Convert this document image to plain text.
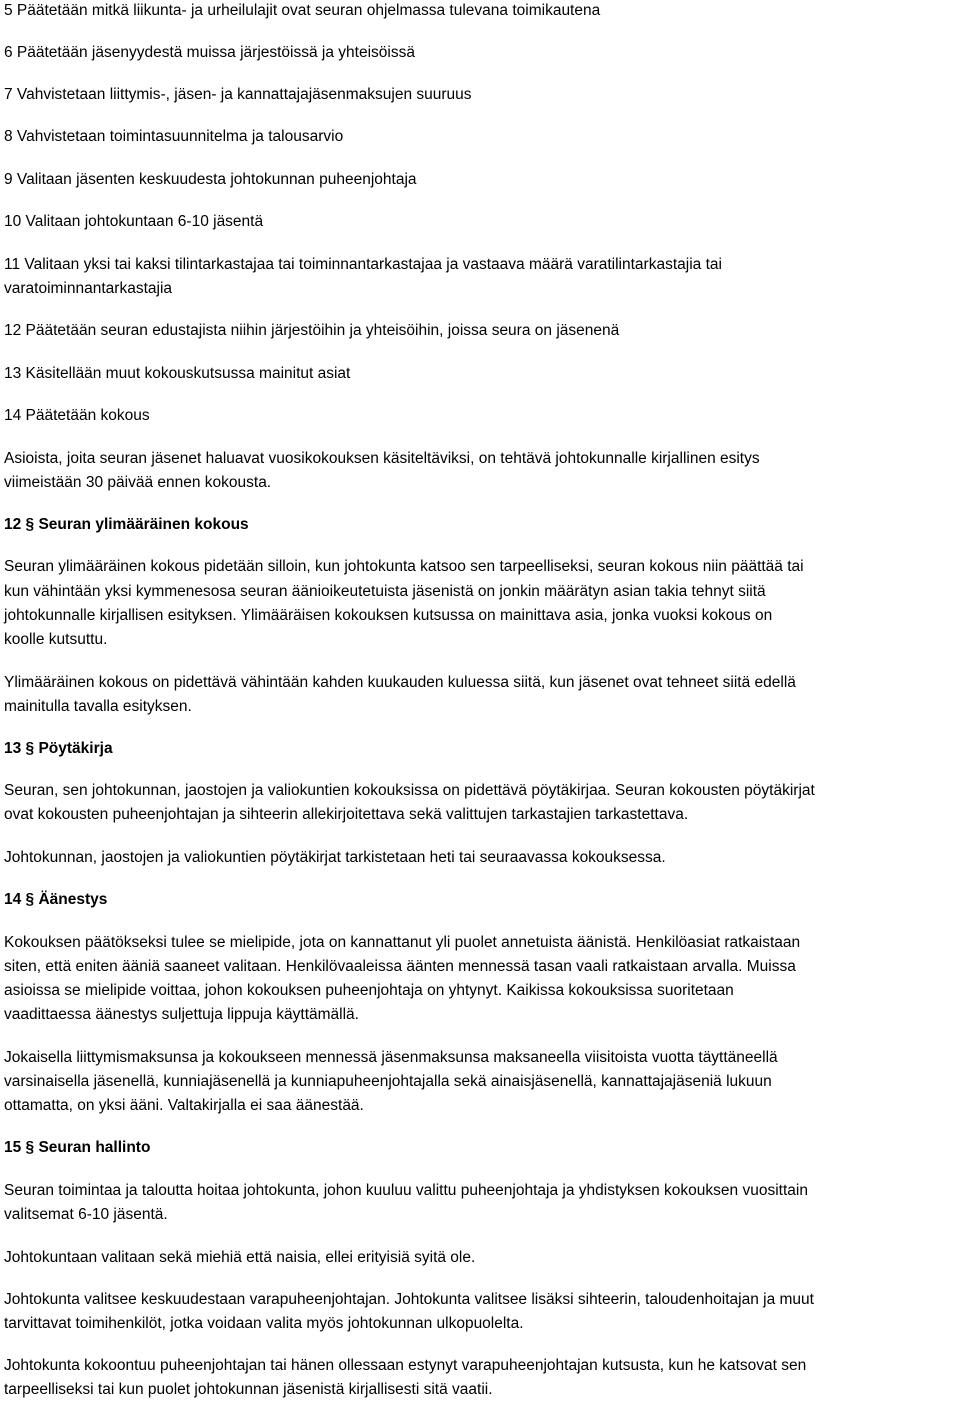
5 Päätetään mitkä liikunta- ja urheilulajit ovat seuran ohjelmassa tulevana toimikautena
6 Päätetään jäsenyydestä muissa järjestöissä ja yhteisöissä
7 Vahvistetaan liittymis-, jäsen- ja kannattajajäsenmaksujen suuruus
8 Vahvistetaan toimintasuunnitelma ja talousarvio
9 Valitaan jäsenten keskuudesta johtokunnan puheenjohtaja
10 Valitaan johtokuntaan 6-10 jäsentä
11 Valitaan yksi tai kaksi tilintarkastajaa tai toiminnantarkastajaa ja vastaava määrä varatilintarkastajia tai
varatoiminnantarkastajia
12 Päätetään seuran edustajista niihin järjestöihin ja yhteisöihin, joissa seura on jäsenenä
13 Käsitellään muut kokouskutsussa mainitut asiat
14 Päätetään kokous
Asioista, joita seuran jäsenet haluavat vuosikokouksen käsiteltäviksi, on tehtävä johtokunnalle kirjallinen esitys
viimeistään 30 päivää ennen kokousta.
12 § Seuran ylimääräinen kokous
Seuran ylimääräinen kokous pidetään silloin, kun johtokunta katsoo sen tarpeelliseksi, seuran kokous niin päättää tai
kun vähintään yksi kymmenesosa seuran äänioikeutetuista jäsenistä on jonkin määrätyn asian takia tehnyt siitä
johtokunnalle kirjallisen esityksen. Ylimääräisen kokouksen kutsussa on mainittava asia, jonka vuoksi kokous on
koolle kutsuttu.
Ylimääräinen kokous on pidettävä vähintään kahden kuukauden kuluessa siitä, kun jäsenet ovat tehneet siitä edellä
mainitulla tavalla esityksen.
13 § Pöytäkirja
Seuran, sen johtokunnan, jaostojen ja valiokuntien kokouksissa on pidettävä pöytäkirjaa. Seuran kokousten pöytäkirjat
ovat kokousten puheenjohtajan ja sihteerin allekirjoitettava sekä valittujen tarkastajien tarkastettava.
Johtokunnan, jaostojen ja valiokuntien pöytäkirjat tarkistetaan heti tai seuraavassa kokouksessa.
14 § Äänestys
Kokouksen päätökseksi tulee se mielipide, jota on kannattanut yli puolet annetuista äänistä. Henkilöasiat ratkaistaan
siten, että eniten ääniä saaneet valitaan. Henkilövaaleissa äänten mennessä tasan vaali ratkaistaan arvalla. Muissa
asioissa se mielipide voittaa, johon kokouksen puheenjohtaja on yhtynyt. Kaikissa kokouksissa suoritetaan
vaadittaessa äänestys suljettuja lippuja käyttämällä.
Jokaisella liittymismaksunsa ja kokoukseen mennessä jäsenmaksunsa maksaneella viisitoista vuotta täyttäneellä
varsinaisella jäsenellä, kunniajäsenellä ja kunniapuheenjohtajalla sekä ainaisjäsenellä, kannattajajäseniä lukuun
ottamatta, on yksi ääni. Valtakirjalla ei saa äänestää.
15 § Seuran hallinto
Seuran toimintaa ja taloutta hoitaa johtokunta, johon kuuluu valittu puheenjohtaja ja yhdistyksen kokouksen vuosittain
valitsemat 6-10 jäsentä.
Johtokuntaan valitaan sekä miehiä että naisia, ellei erityisiä syitä ole.
Johtokunta valitsee keskuudestaan varapuheenjohtajan. Johtokunta valitsee lisäksi sihteerin, taloudenhoitajan ja muut
tarvittavat toimihenkilöt, jotka voidaan valita myös johtokunnan ulkopuolelta.
Johtokunta kokoontuu puheenjohtajan tai hänen ollessaan estynyt varapuheenjohtajan kutsusta, kun he katsovat sen
tarpeelliseksi tai kun puolet johtokunnan jäsenistä kirjallisesti sitä vaatii.
